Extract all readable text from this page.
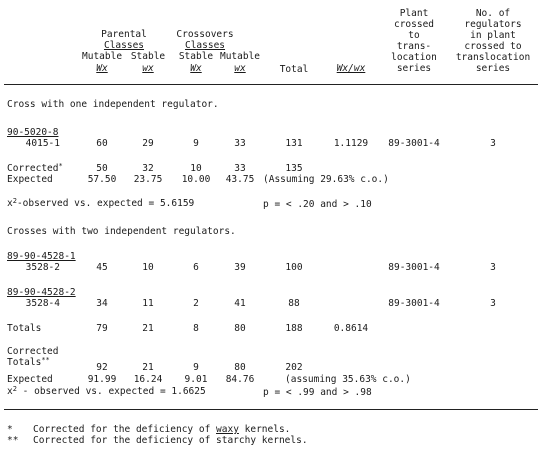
Parental
Classes
Crossovers
Classes
Mutable Stable Stable Mutable
Wx	wx	Wx	wx	Total	Wx/wx
Plant
crossed
to
trans-
location
series
No. of
regulators
in plant
crossed to
translocation
series
Cross with one independent regulator.
90-5020-8
4015-1	60	29	9	33	131	1.1129	89-3001-4	3
Corrected*	50	32	10	33	135
Expected	57.50	23.75	10.00	43.75 (Assuming 29.63% c.o.)
$x^2$-observed vs. expected = 5.6159	p = < .20 and > .10
Crosses with two independent regulators.
89-90-4528-1
3528-2	45	10	6	39	100	89-3001-4	3
89-90-4528-2
3528-4	34	11	2	41	88	89-3001-4	3
Totals	79	21	8	80	188	0.8614
Corrected
Totals**
92	21	9	80	202
Expected	91.99	16.24	9.01	84.76	(assuming 35.63% c.o.)
$x^2$ - observed vs. expected = 1.6625	p = < .99 and > .98
* Corrected for the deficiency of waxy kernels.
** Corrected for the deficiency of starchy kernels.
